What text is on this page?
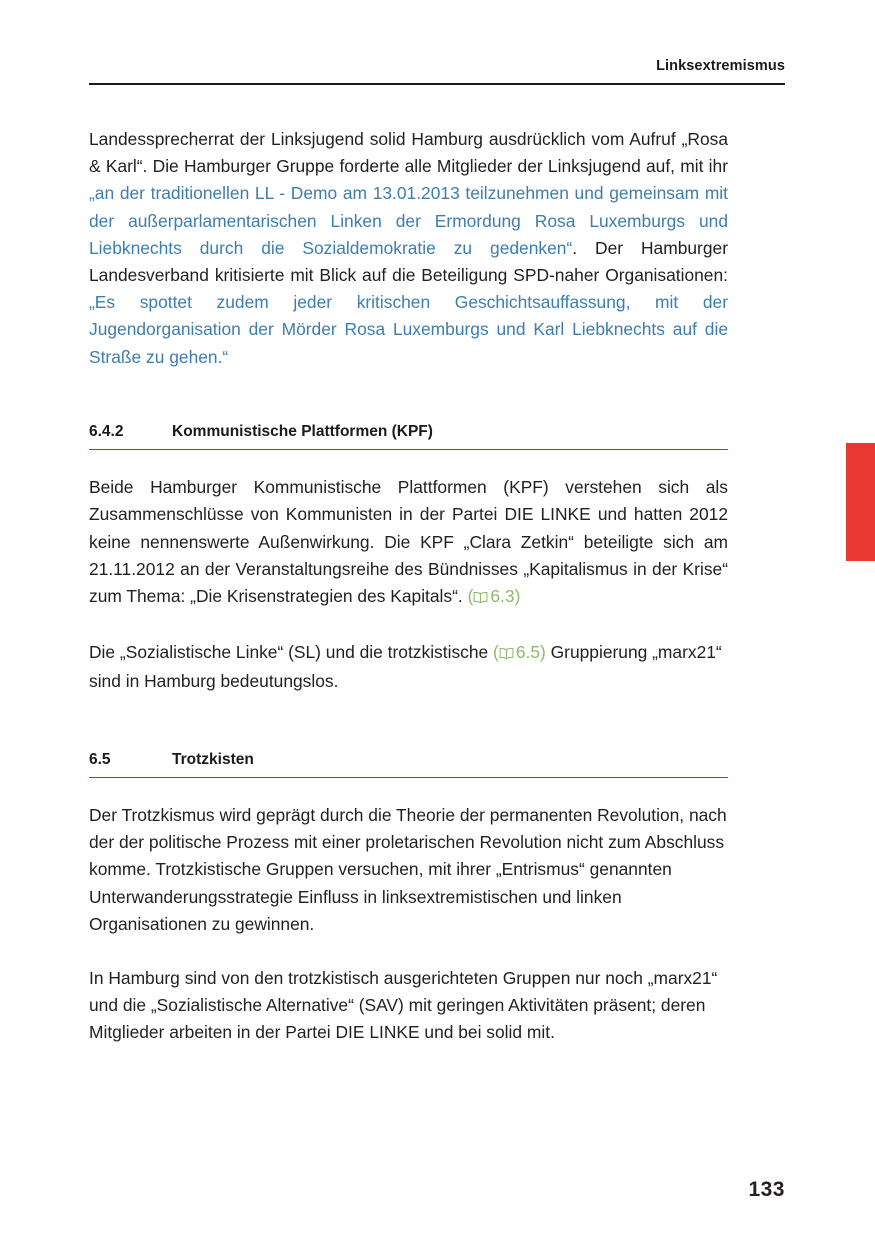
Linksextremismus

Landessprecherrat der Linksjugend solid Hamburg ausdrücklich vom Aufruf „Rosa & Karl“. Die Hamburger Gruppe forderte alle Mitglieder der Linksjugend auf, mit ihr „an der traditionellen LL - Demo am 13.01.2013 teilzunehmen und gemeinsam mit der außerparlamentarischen Linken der Ermordung Rosa Luxemburgs und Liebknechts durch die Sozialdemokratie zu gedenken“. Der Hamburger Landesverband kritisierte mit Blick auf die Beteiligung SPD-naher Organisationen: „Es spottet zudem jeder kritischen Geschichtsauffassung, mit der Jugendorganisation der Mörder Rosa Luxemburgs und Karl Liebknechts auf die Straße zu gehen.“

6.4.2	Kommunistische Plattformen (KPF)

Beide Hamburger Kommunistische Plattformen (KPF) verstehen sich als Zusammenschlüsse von Kommunisten in der Partei DIE LINKE und hatten 2012 keine nennenswerte Außenwirkung. Die KPF „Clara Zetkin“ beteiligte sich am 21.11.2012 an der Veranstaltungsreihe des Bündnisses „Kapitalismus in der Krise“ zum Thema: „Die Krisenstrategien des Kapitals“. ( 6.3)

Die „Sozialistische Linke“ (SL) und die trotzkistische ( 6.5) Gruppierung „marx21“ sind in Hamburg bedeutungslos.

6.5	Trotzkisten

Der Trotzkismus wird geprägt durch die Theorie der permanenten Revolution, nach der der politische Prozess mit einer proletarischen Revolution nicht zum Abschluss komme. Trotzkistische Gruppen versuchen, mit ihrer „Entrismus“ genannten Unterwanderungsstrategie Einfluss in linksextremistischen und linken Organisationen zu gewinnen.

In Hamburg sind von den trotzkistisch ausgerichteten Gruppen nur noch „marx21“ und die „Sozialistische Alternative“ (SAV) mit geringen Aktivitäten präsent; deren Mitglieder arbeiten in der Partei DIE LINKE und bei solid mit.

133
